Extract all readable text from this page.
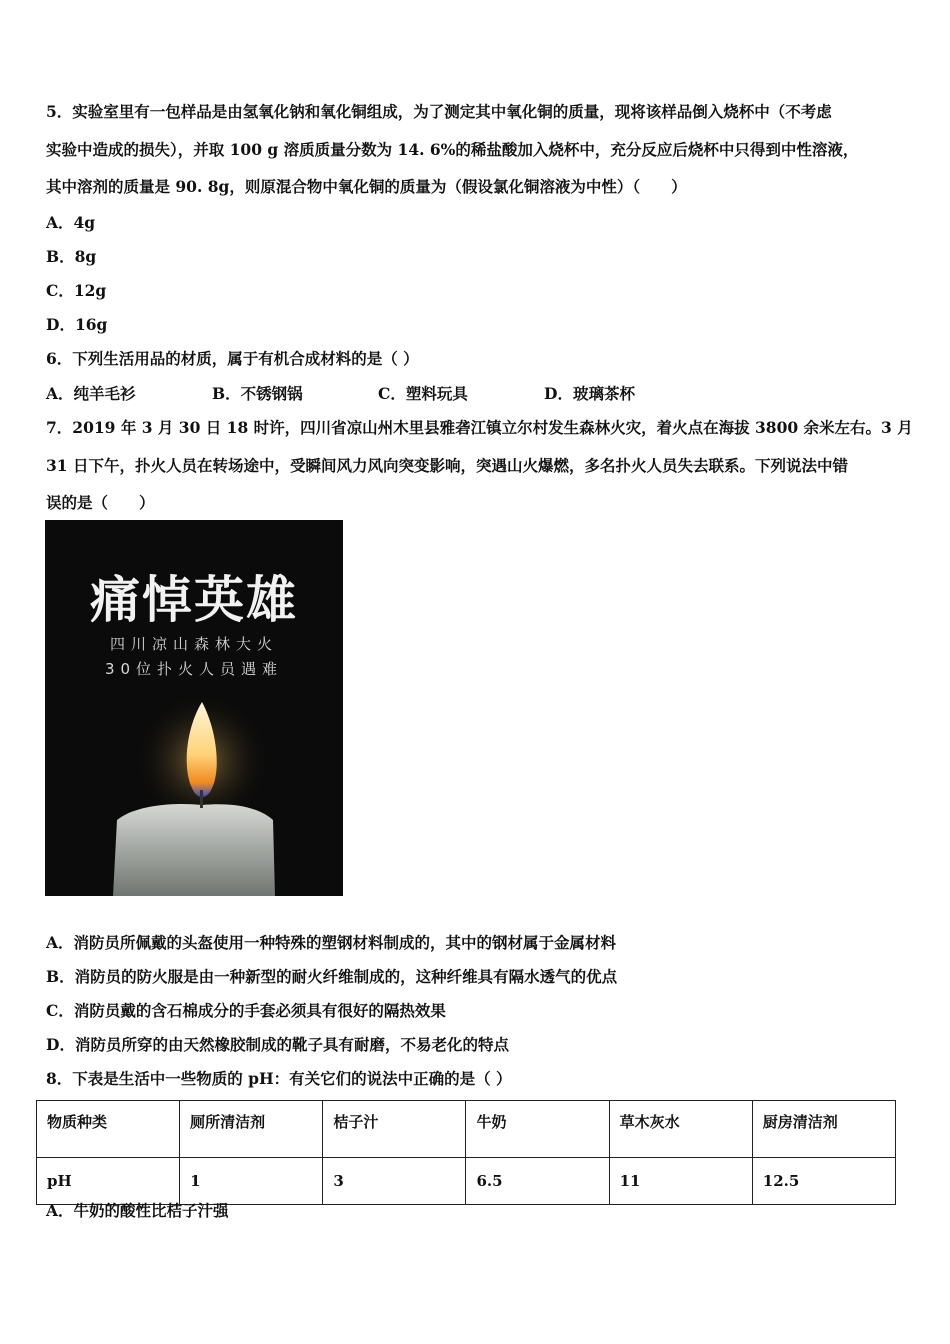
5．实验室里有一包样品是由氢氧化钠和氧化铜组成，为了测定其中氧化铜的质量，现将该样品倒入烧杯中（不考虑
实验中造成的损失），并取 100 g 溶质质量分数为 14. 6%的稀盐酸加入烧杯中，充分反应后烧杯中只得到中性溶液，
其中溶剂的质量是 90. 8g，则原混合物中氧化铜的质量为（假设氯化铜溶液为中性）（　　）
A．4g
B．8g
C．12g
D．16g
6．下列生活用品的材质，属于有机合成材料的是（ ）
A．纯羊毛衫	B．不锈钢锅	C．塑料玩具	D．玻璃茶杯
7．2019 年 3 月 30 日 18 时许，四川省凉山州木里县雅砻江镇立尔村发生森林火灾，着火点在海拔 3800 余米左右。3 月
31 日下午，扑火人员在转场途中，受瞬间风力风向突变影响，突遇山火爆燃，多名扑火人员失去联系。下列说法中错
误的是（　　）
痛悼英雄
四川凉山森林大火
30位扑火人员遇难
A．消防员所佩戴的头盔使用一种特殊的塑钢材料制成的，其中的钢材属于金属材料
B．消防员的防火服是由一种新型的耐火纤维制成的，这种纤维具有隔水透气的优点
C．消防员戴的含石棉成分的手套必须具有很好的隔热效果
D．消防员所穿的由天然橡胶制成的靴子具有耐磨，不易老化的特点
8．下表是生活中一些物质的 pH：有关它们的说法中正确的是（ ）
物质种类	厕所清洁剂	桔子汁	牛奶	草木灰水	厨房清洁剂
pH	1	3	6.5	11	12.5
A．牛奶的酸性比桔子汁强
